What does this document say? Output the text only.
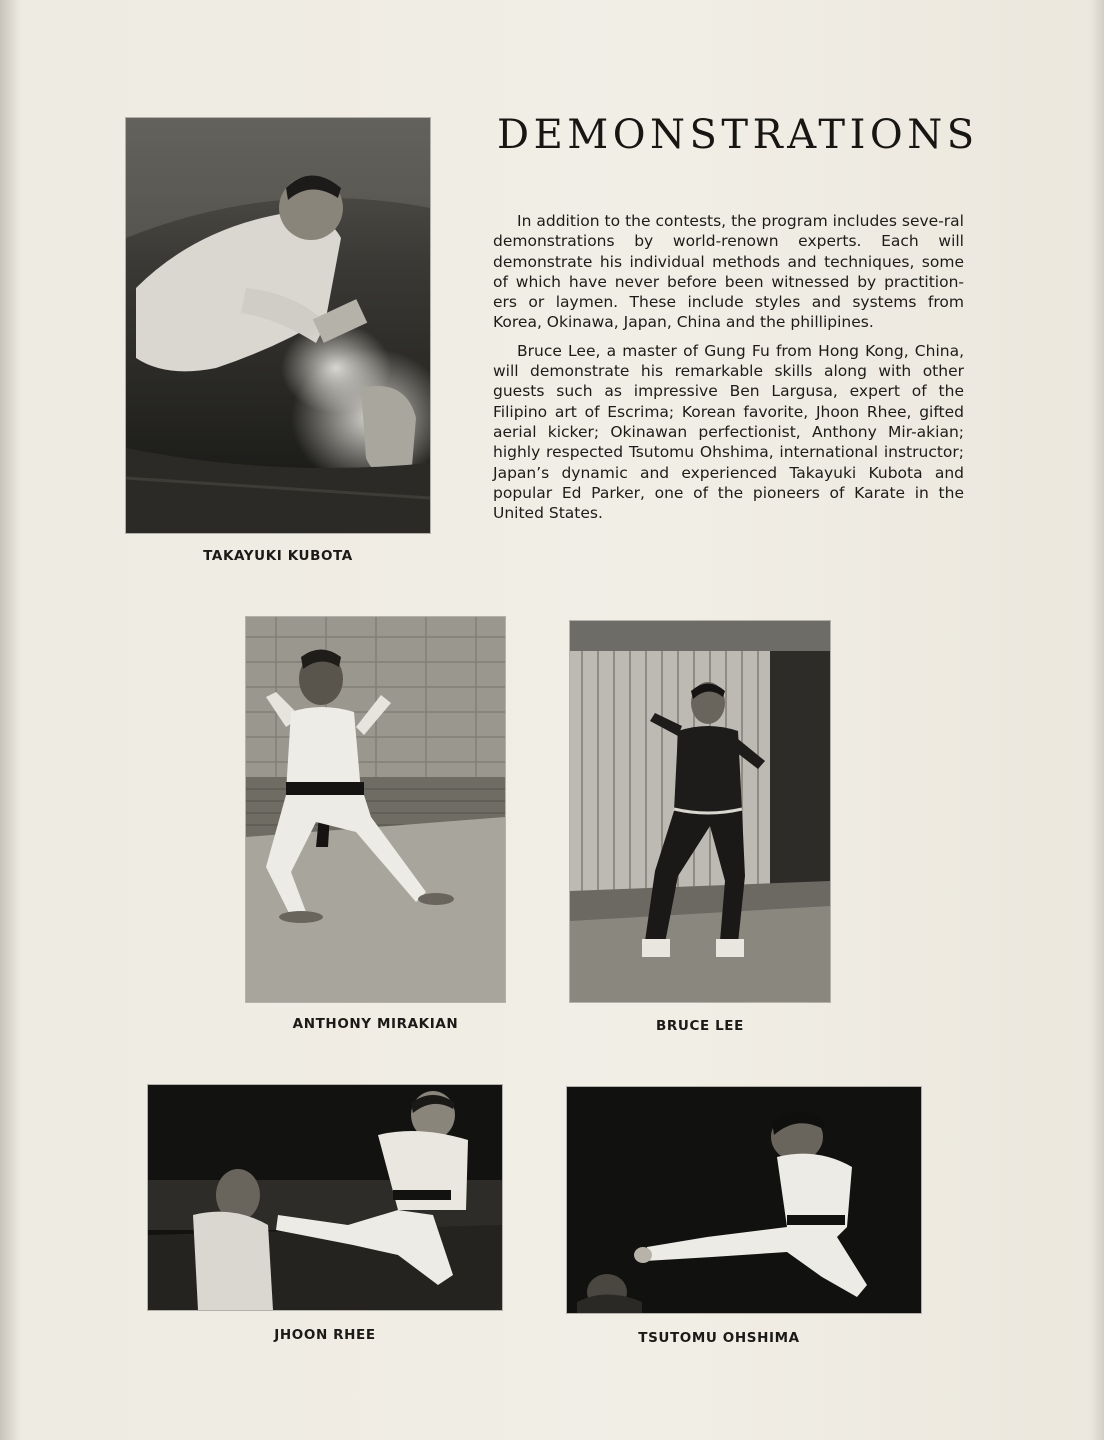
TAKAYUKI KUBOTA
DEMONSTRATIONS

In addition to the contests, the program includes seve-ral demonstrations by world-renown experts. Each will demonstrate his individual methods and techniques, some of which have never before been witnessed by practition-ers or laymen. These include styles and systems from Korea, Okinawa, Japan, China and the phillipines.

Bruce Lee, a master of Gung Fu from Hong Kong, China, will demonstrate his remarkable skills along with other guests such as impressive Ben Largusa, expert of the Filipino art of Escrima; Korean favorite, Jhoon Rhee, gifted aerial kicker; Okinawan perfectionist, Anthony Mir-akian; highly respected Tsutomu Ohshima, international instructor; Japan’s dynamic and experienced Takayuki Kubota and popular Ed Parker, one of the pioneers of Karate in the United States.

ANTHONY MIRAKIAN	BRUCE LEE
JHOON RHEE	TSUTOMU OHSHIMA
